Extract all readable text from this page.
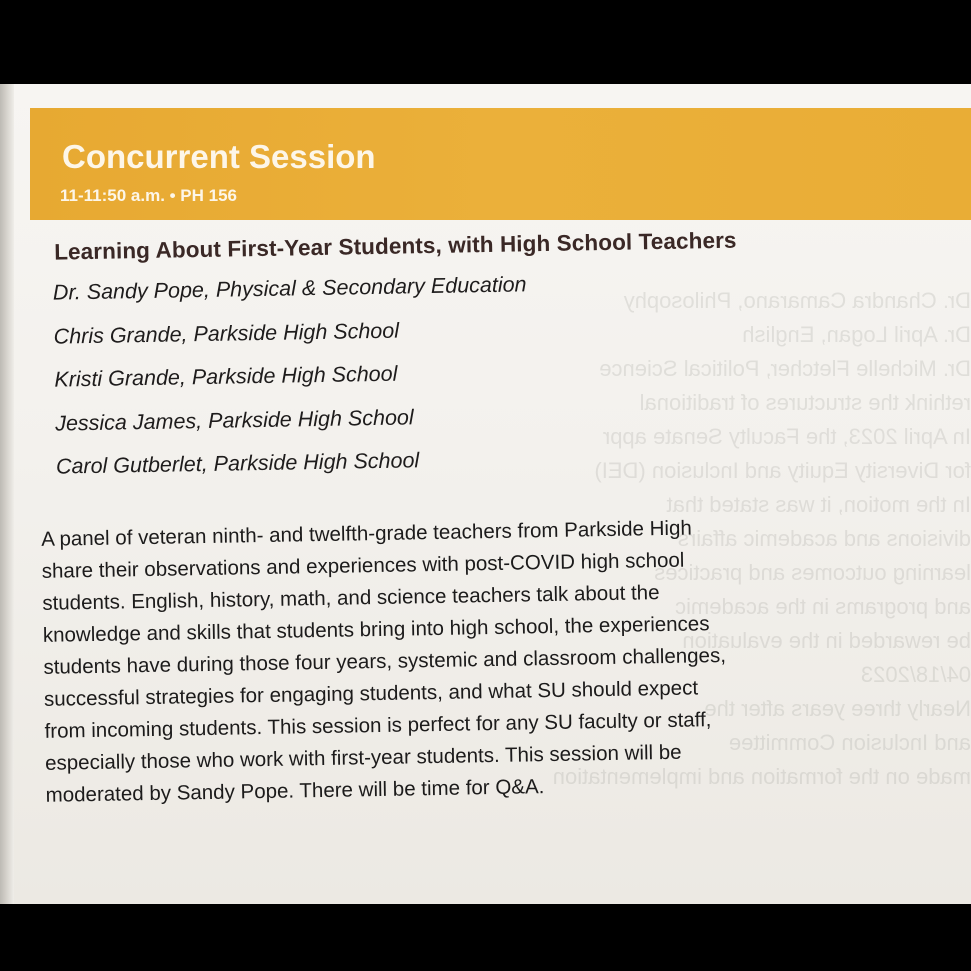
Dr. Chandra Camarano, Philosophy
Dr. April Logan, English
Dr. Michelle Fletcher, Political Science
rethink the structures of traditional
In April 2023, the Faculty Senate appr
for Diversity Equity and Inclusion (DEI)
In the motion, it was stated that
divisions and academic affairs
learning outcomes and practices
and programs in the academic
be rewarded in the evaluation
04/18/2023
Nearly three years after the
and Inclusion Committee
made on the formation and implementation
Concurrent Session

11-11:50 a.m. • PH 156

Learning About First-Year Students, with High School Teachers
Dr. Sandy Pope, Physical & Secondary Education
Chris Grande, Parkside High School
Kristi Grande, Parkside High School
Jessica James, Parkside High School
Carol Gutberlet, Parkside High School

A panel of veteran ninth- and twelfth-grade teachers from Parkside High
share their observations and experiences with post-COVID high school
students. English, history, math, and science teachers talk about the
knowledge and skills that students bring into high school, the experiences
students have during those four years, systemic and classroom challenges,
successful strategies for engaging students, and what SU should expect
from incoming students. This session is perfect for any SU faculty or staff,
especially those who work with first-year students. This session will be
moderated by Sandy Pope. There will be time for Q&A.
